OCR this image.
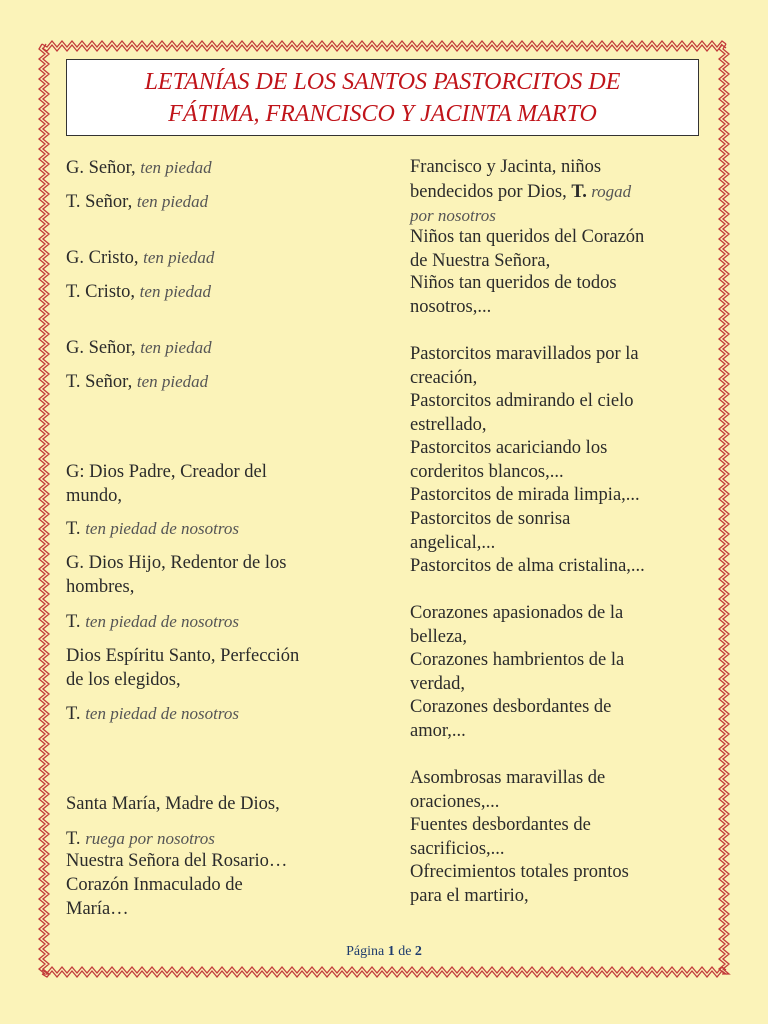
LETANÍAS DE LOS SANTOS PASTORCITOS DE
FÁTIMA, FRANCISCO Y JACINTA MARTO
G. Señor, ten piedad
T. Señor, ten piedad
G. Cristo, ten piedad
T. Cristo, ten piedad
G. Señor, ten piedad
T. Señor, ten piedad
G: Dios Padre, Creador del
mundo,
T. ten piedad de nosotros
G. Dios Hijo, Redentor de los
hombres,
T. ten piedad de nosotros
Dios Espíritu Santo, Perfección
de los elegidos,
T. ten piedad de nosotros
Santa María, Madre de Dios,
T. ruega por nosotros
Nuestra Señora del Rosario…
Corazón Inmaculado de
María…
Francisco y Jacinta, niños
bendecidos por Dios, T. rogad
por nosotros
Niños tan queridos del Corazón
de Nuestra Señora,
Niños tan queridos de todos
nosotros,...
Pastorcitos maravillados por la
creación,
Pastorcitos admirando el cielo
estrellado,
Pastorcitos acariciando los
corderitos blancos,...
Pastorcitos de mirada limpia,...
Pastorcitos de sonrisa
angelical,...
Pastorcitos de alma cristalina,...
Corazones apasionados de la
belleza,
Corazones hambrientos de la
verdad,
Corazones desbordantes de
amor,...
Asombrosas maravillas de
oraciones,...
Fuentes desbordantes de
sacrificios,...
Ofrecimientos totales prontos
para el martirio,
Página 1 de 2
